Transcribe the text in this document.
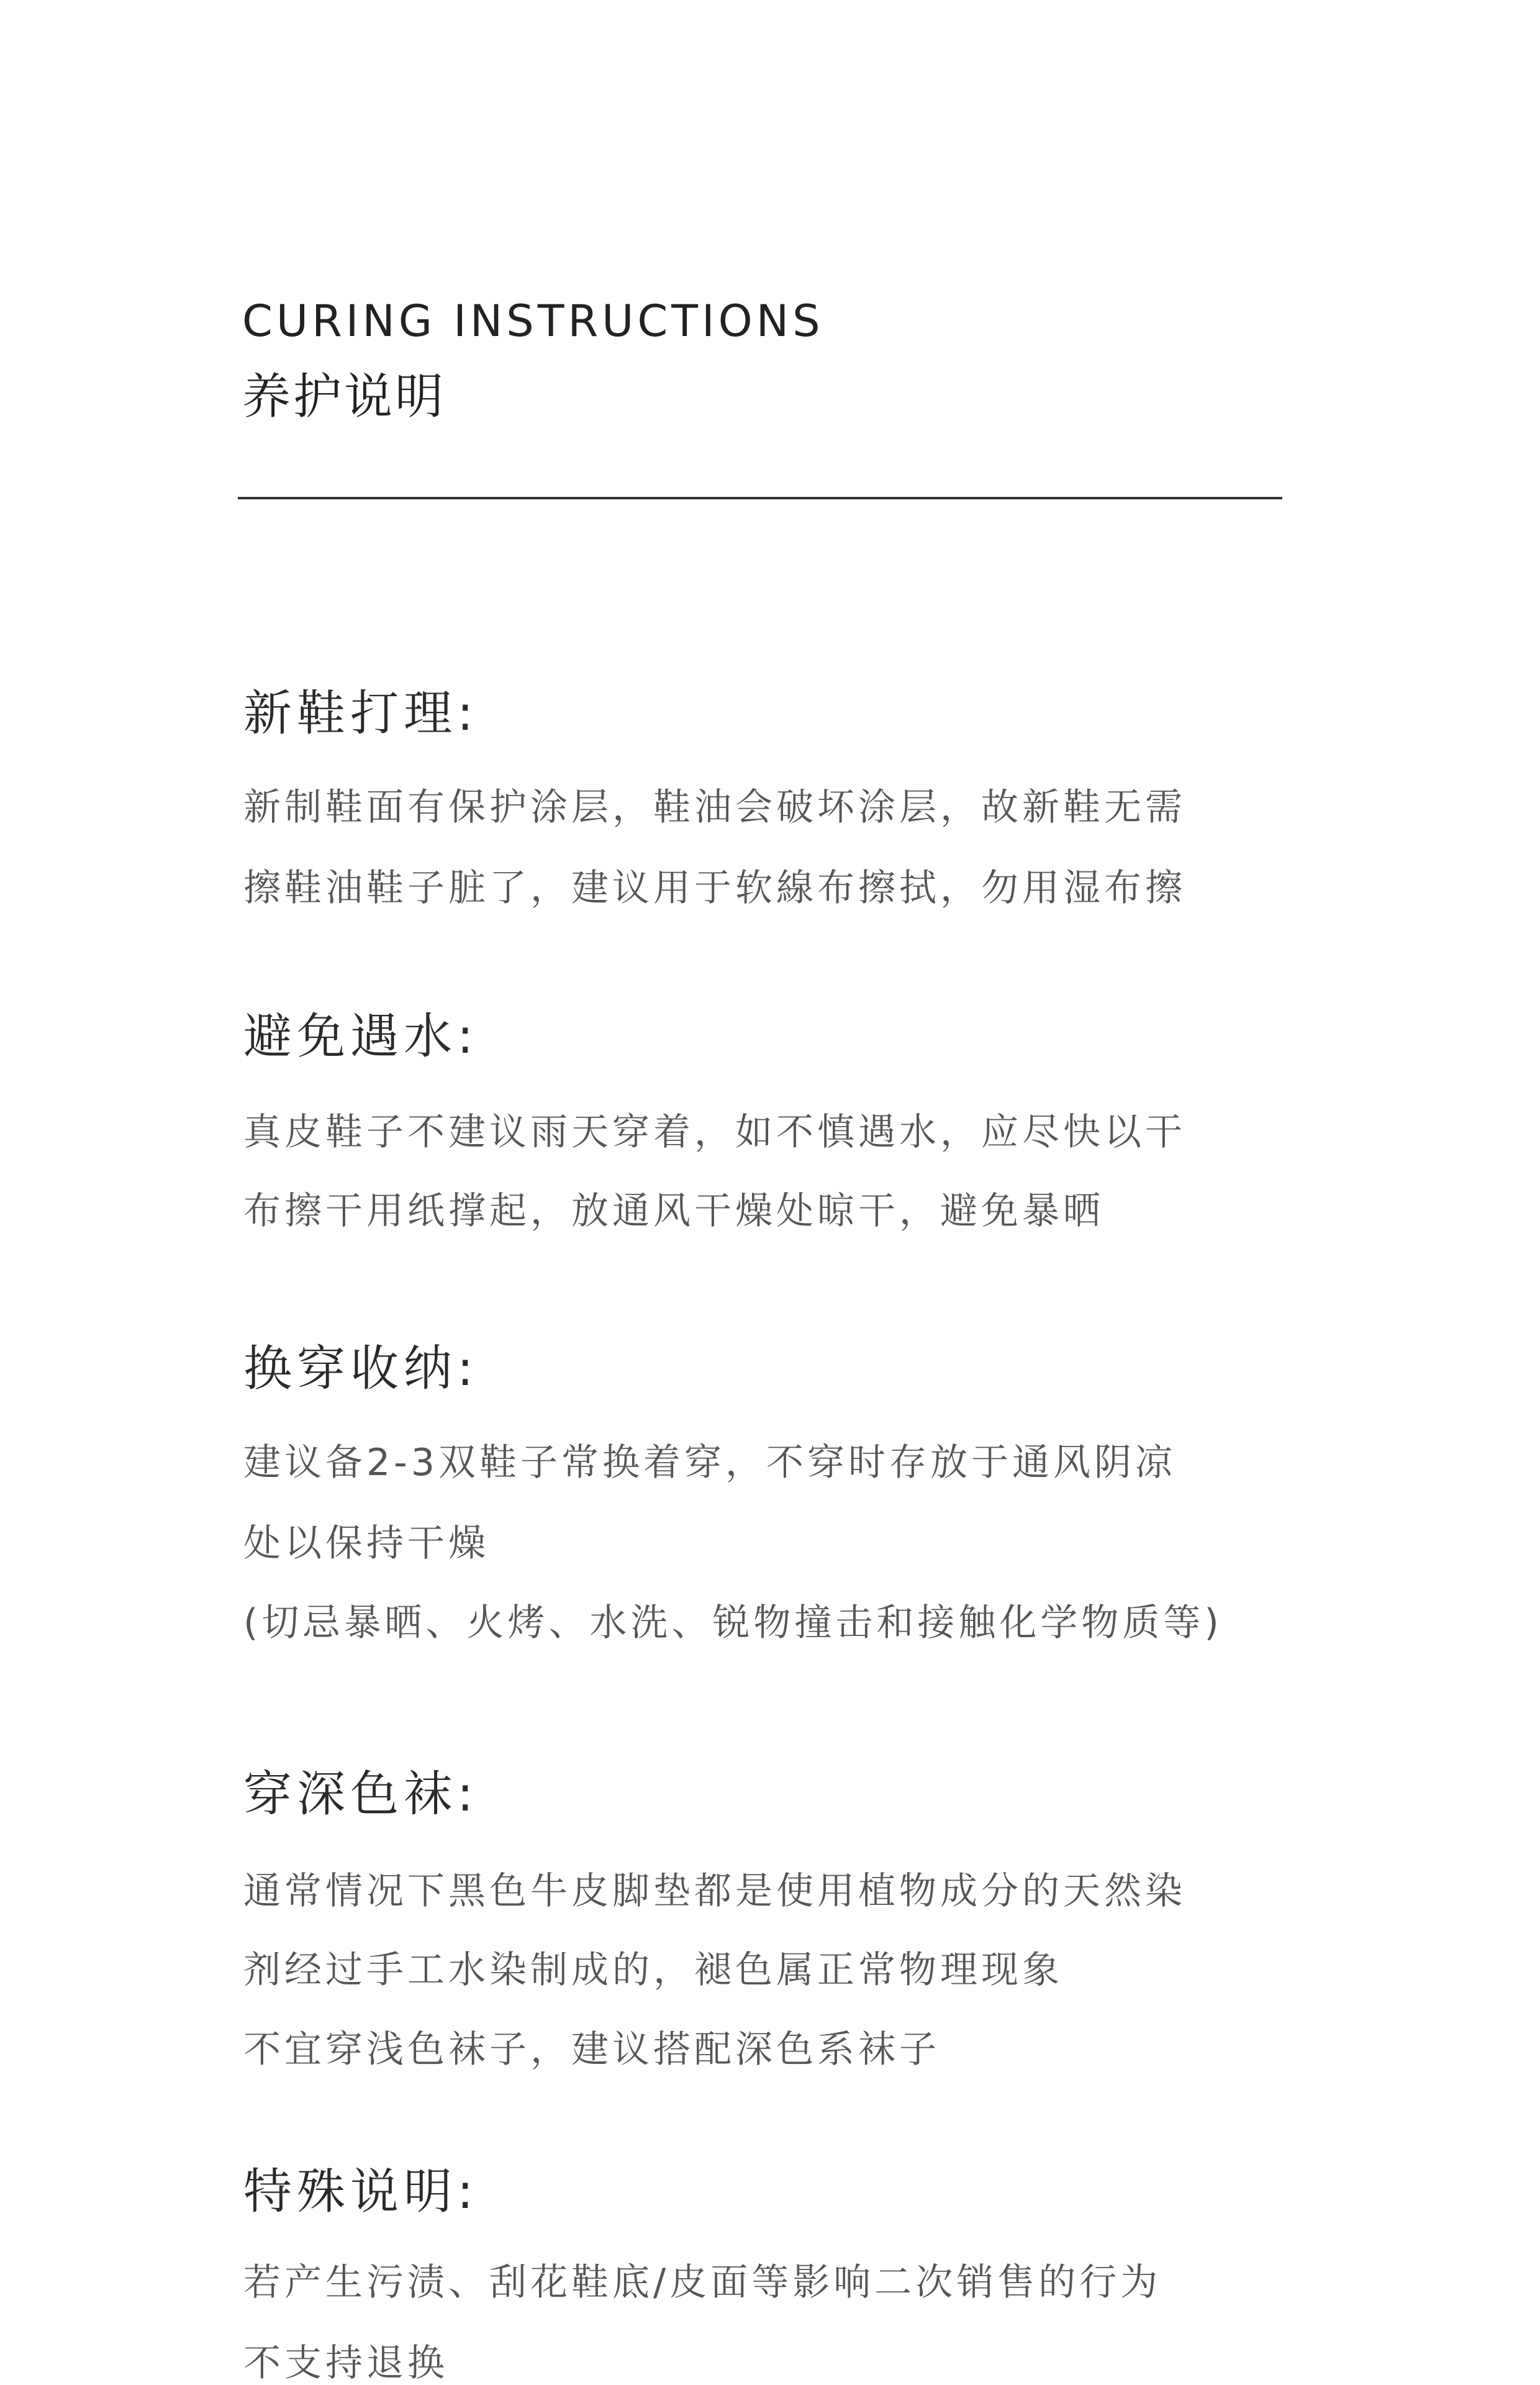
CURING INSTRUCTIONS
养护说明
新鞋打理:
新制鞋面有保护涂层，鞋油会破坏涂层，故新鞋无需
擦鞋油鞋子脏了，建议用于软線布擦拭，勿用湿布擦
避免遇水:
真皮鞋子不建议雨天穿着，如不慎遇水，应尽快以干
布擦干用纸撑起，放通风干燥处晾干，避免暴晒
换穿收纳:
建议备2-3双鞋子常换着穿，不穿时存放于通风阴凉
处以保持干燥
(切忌暴晒、火烤、水洗、锐物撞击和接触化学物质等)
穿深色袜:
通常情况下黑色牛皮脚垫都是使用植物成分的天然染
剂经过手工水染制成的，褪色属正常物理现象
不宜穿浅色袜子，建议搭配深色系袜子
特殊说明:
若产生污渍、刮花鞋底/皮面等影响二次销售的行为
不支持退换
